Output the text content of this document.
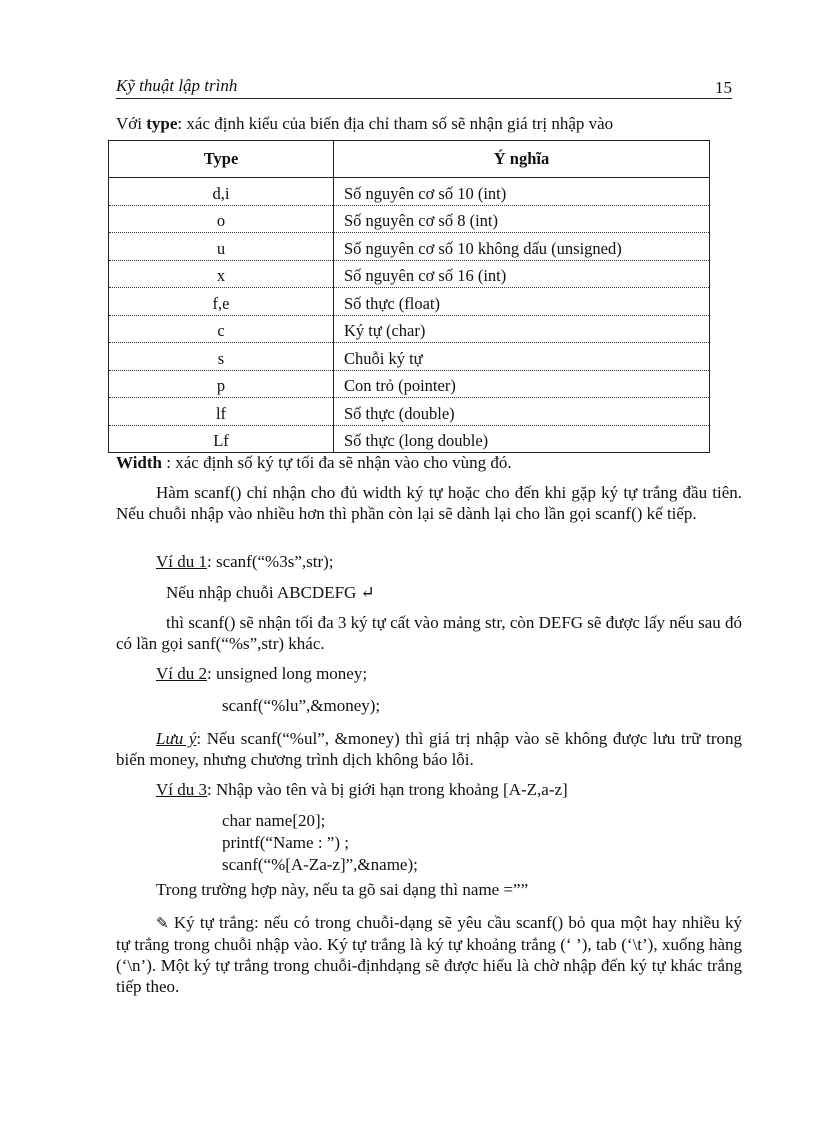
Kỹ thuật lập trình	15
Với type: xác định kiểu của biến địa chỉ tham số sẽ nhận giá trị nhập vào
Type	Ý nghĩa
d,i	Số nguyên cơ số 10 (int)
o	Số nguyên cơ số 8 (int)
u	Số nguyên cơ số 10 không dấu (unsigned)
x	Số nguyên cơ số 16 (int)
f,e	Số thực (float)
c	Ký tự (char)
s	Chuỗi ký tự
p	Con trỏ (pointer)
lf	Số thực (double)
Lf	Số thực (long double)
Width : xác định số ký tự tối đa sẽ nhận vào cho vùng đó.
Hàm scanf() chỉ nhận cho đủ width ký tự hoặc cho đến khi gặp ký tự trắng đầu tiên. Nếu chuỗi nhập vào nhiều hơn thì phần còn lại sẽ dành lại cho lần gọi scanf() kế tiếp.
Ví du 1: scanf(“%3s”,str);
Nếu nhập chuỗi ABCDEFG ↵
thì scanf() sẽ nhận tối đa 3 ký tự cất vào mảng str, còn DEFG sẽ được lấy nếu sau đó có lần gọi sanf(“%s”,str) khác.
Ví du 2: unsigned long money;
scanf(“%lu”,&money);
Lưu ý: Nếu scanf(“%ul”, &money) thì giá trị nhập vào sẽ không được lưu trữ trong biến money, nhưng chương trình dịch không báo lỗi.
Ví du 3: Nhập vào tên và bị giới hạn trong khoảng [A-Z,a-z]
char name[20];
printf(“Name : ”) ;
scanf(“%[A-Za-z]”,&name);
Trong trường hợp này, nếu ta gõ sai dạng thì name =””
✎ Ký tự trắng: nếu có trong chuỗi-dạng sẽ yêu cầu scanf() bỏ qua một hay nhiều ký tự trắng trong chuỗi nhập vào. Ký tự trắng là ký tự khoảng trắng (‘ ’), tab (‘\t’), xuống hàng (‘\n’). Một ký tự trắng trong chuỗi-địnhdạng sẽ được hiểu là chờ nhập đến ký tự khác trắng tiếp theo.
